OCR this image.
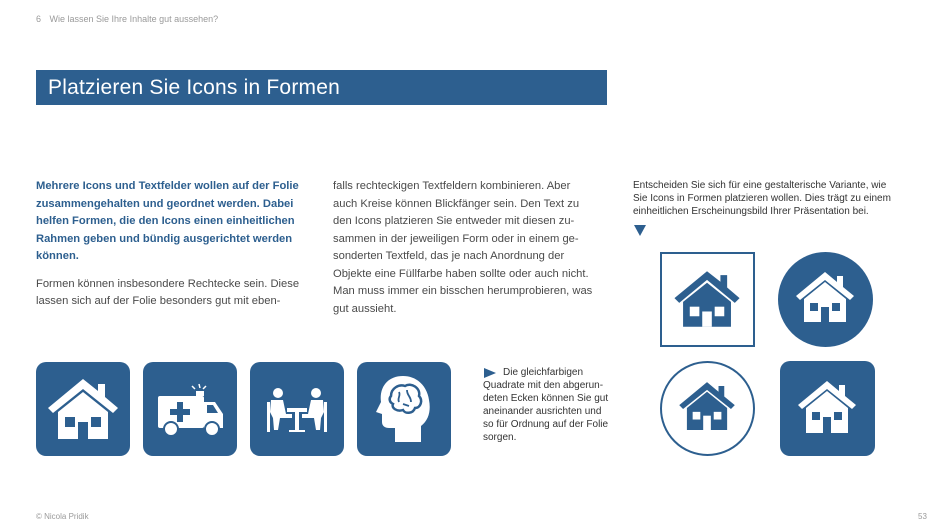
6 Wie lassen Sie Ihre Inhalte gut aussehen?
Platzieren Sie Icons in Formen
Mehrere Icons und Textfelder wollen auf der Folie zusammengehalten und geordnet werden. Dabei helfen Formen, die den Icons einen einheitlichen Rahmen geben und bündig ausgerichtet werden können.
Formen können insbesondere Rechtecke sein. Diese lassen sich auf der Folie besonders gut mit eben-
falls rechteckigen Textfeldern kombinieren. Aber auch Kreise können Blickfänger sein. Den Text zu den Icons platzieren Sie entweder mit diesen zu-sammen in der jeweiligen Form oder in einem ge-sonderten Textfeld, das je nach Anordnung der Objekte eine Füllfarbe haben sollte oder auch nicht. Man muss immer ein bisschen herumprobieren, was gut aussieht.
Entscheiden Sie sich für eine gestalterische Variante, wie Sie Icons in Formen platzieren wollen. Dies trägt zu einem einheitlichen Erscheinungsbild Ihrer Präsentation bei.
Die gleichfarbigen Quadrate mit den abgerun-deten Ecken können Sie gut aneinander ausrichten und so für Ordnung auf der Folie sorgen.
© Nicola Pridik	53
